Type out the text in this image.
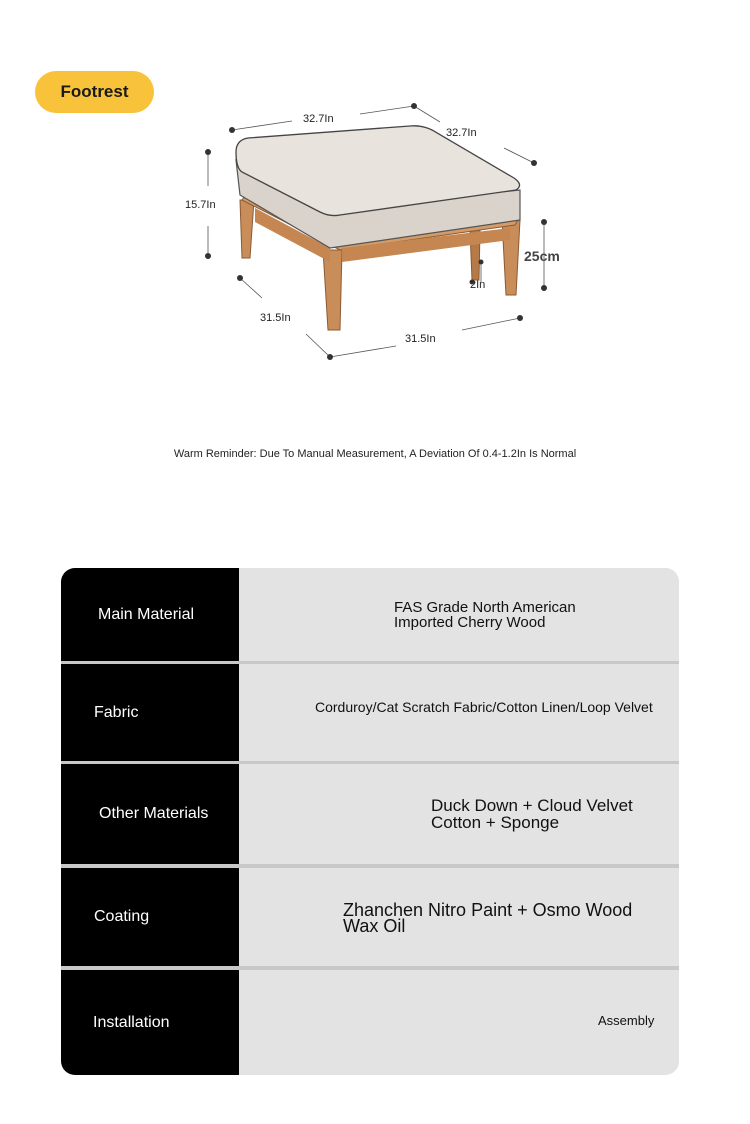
Footrest
32.7In
32.7In
15.7In
31.5In
31.5In
25cm
2In
Warm Reminder: Due To Manual Measurement, A Deviation Of 0.4-1.2In Is Normal
Main Material	FAS Grade North American
Imported Cherry Wood
Fabric	Corduroy/Cat Scratch Fabric/Cotton Linen/Loop Velvet
Other Materials	Duck Down + Cloud Velvet
Cotton + Sponge
Coating	Zhanchen Nitro Paint + Osmo Wood
Wax Oil
Installation	Assembly
